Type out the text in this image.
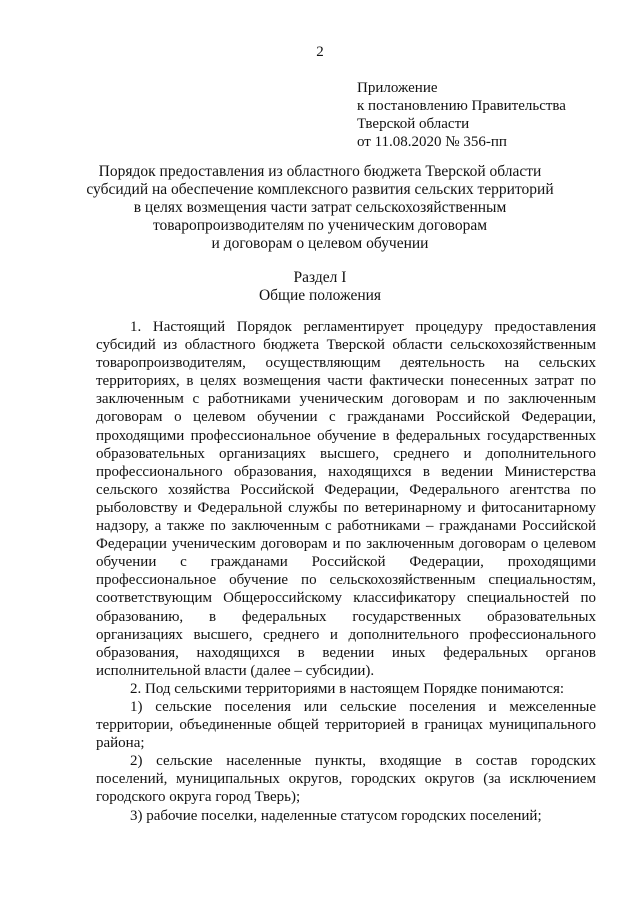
2
Приложение
к постановлению Правительства
Тверской области
от 11.08.2020 № 356-пп
Порядок предоставления из областного бюджета Тверской области
субсидий на обеспечение комплексного развития сельских территорий
в целях возмещения части затрат сельскохозяйственным
товаропроизводителям по ученическим договорам
и договорам о целевом обучении
Раздел I
Общие положения

1. Настоящий Порядок регламентирует процедуру предоставления субсидий из областного бюджета Тверской области сельскохозяйственным товаропроизводителям, осуществляющим деятельность на сельских территориях, в целях возмещения части фактически понесенных затрат по заключенным с работниками ученическим договорам и по заключенным договорам о целевом обучении с гражданами Российской Федерации, проходящими профессиональное обучение в федеральных государственных образовательных организациях высшего, среднего и дополнительного профессионального образования, находящихся в ведении Министерства сельского хозяйства Российской Федерации, Федерального агентства по рыболовству и Федеральной службы по ветеринарному и фитосанитарному надзору, а также по заключенным с работниками – гражданами Российской Федерации ученическим договорам и по заключенным договорам о целевом обучении с гражданами Российской Федерации, проходящими профессиональное обучение по сельскохозяйственным специальностям, соответствующим Общероссийскому классификатору специальностей по образованию, в федеральных государственных образовательных организациях высшего, среднего и дополнительного профессионального образования, находящихся в ведении иных федеральных органов исполнительной власти (далее – субсидии).

2. Под сельскими территориями в настоящем Порядке понимаются:

1) сельские поселения или сельские поселения и межселенные территории, объединенные общей территорией в границах муниципального района;

2) сельские населенные пункты, входящие в состав городских поселений, муниципальных округов, городских округов (за исключением городского округа город Тверь);

3) рабочие поселки, наделенные статусом городских поселений;
